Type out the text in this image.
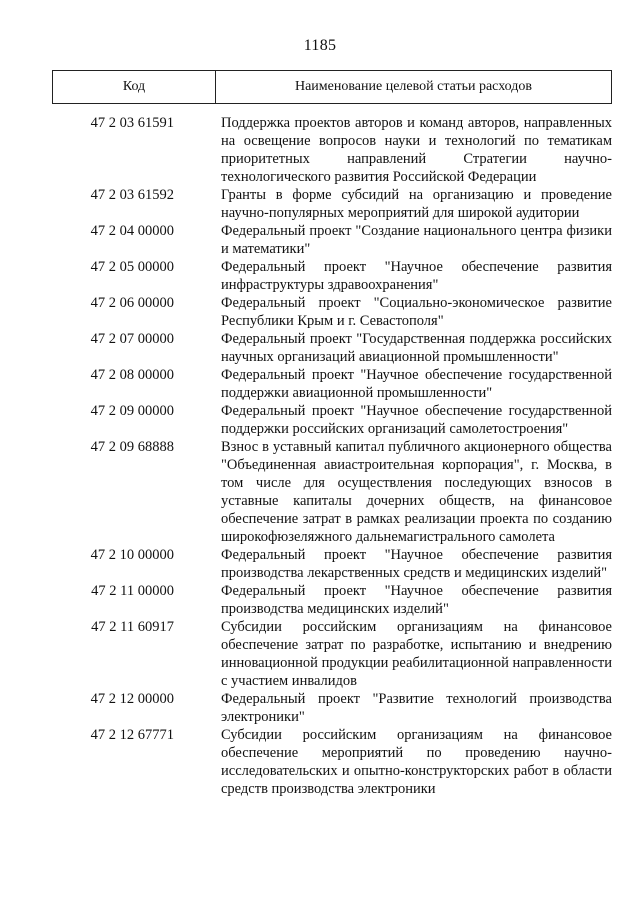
1185
Код	Наименование целевой статьи расходов
47 2 03 61591	Поддержка проектов авторов и команд авторов, направленных на освещение вопросов науки и технологий по тематикам приоритетных направлений Стратегии научно-технологического развития Российской Федерации
47 2 03 61592	Гранты в форме субсидий на организацию и проведение научно-популярных мероприятий для широкой аудитории
47 2 04 00000	Федеральный проект "Создание национального центра физики и математики"
47 2 05 00000	Федеральный проект "Научное обеспечение развития инфраструктуры здравоохранения"
47 2 06 00000	Федеральный проект "Социально-экономическое развитие Республики Крым и г. Севастополя"
47 2 07 00000	Федеральный проект "Государственная поддержка российских научных организаций авиационной промышленности"
47 2 08 00000	Федеральный проект "Научное обеспечение государственной поддержки авиационной промышленности"
47 2 09 00000	Федеральный проект "Научное обеспечение государственной поддержки российских организаций самолетостроения"
47 2 09 68888	Взнос в уставный капитал публичного акционерного общества "Объединенная авиастроительная корпорация", г. Москва, в том числе для осуществления последующих взносов в уставные капиталы дочерних обществ, на финансовое обеспечение затрат в рамках реализации проекта по созданию широкофюзеляжного дальнемагистрального самолета
47 2 10 00000	Федеральный проект "Научное обеспечение развития производства лекарственных средств и медицинских изделий"
47 2 11 00000	Федеральный проект "Научное обеспечение развития производства медицинских изделий"
47 2 11 60917	Субсидии российским организациям на финансовое обеспечение затрат по разработке, испытанию и внедрению инновационной продукции реабилитационной направленности с участием инвалидов
47 2 12 00000	Федеральный проект "Развитие технологий производства электроники"
47 2 12 67771	Субсидии российским организациям на финансовое обеспечение мероприятий по проведению научно-исследовательских и опытно-конструкторских работ в области средств производства электроники
